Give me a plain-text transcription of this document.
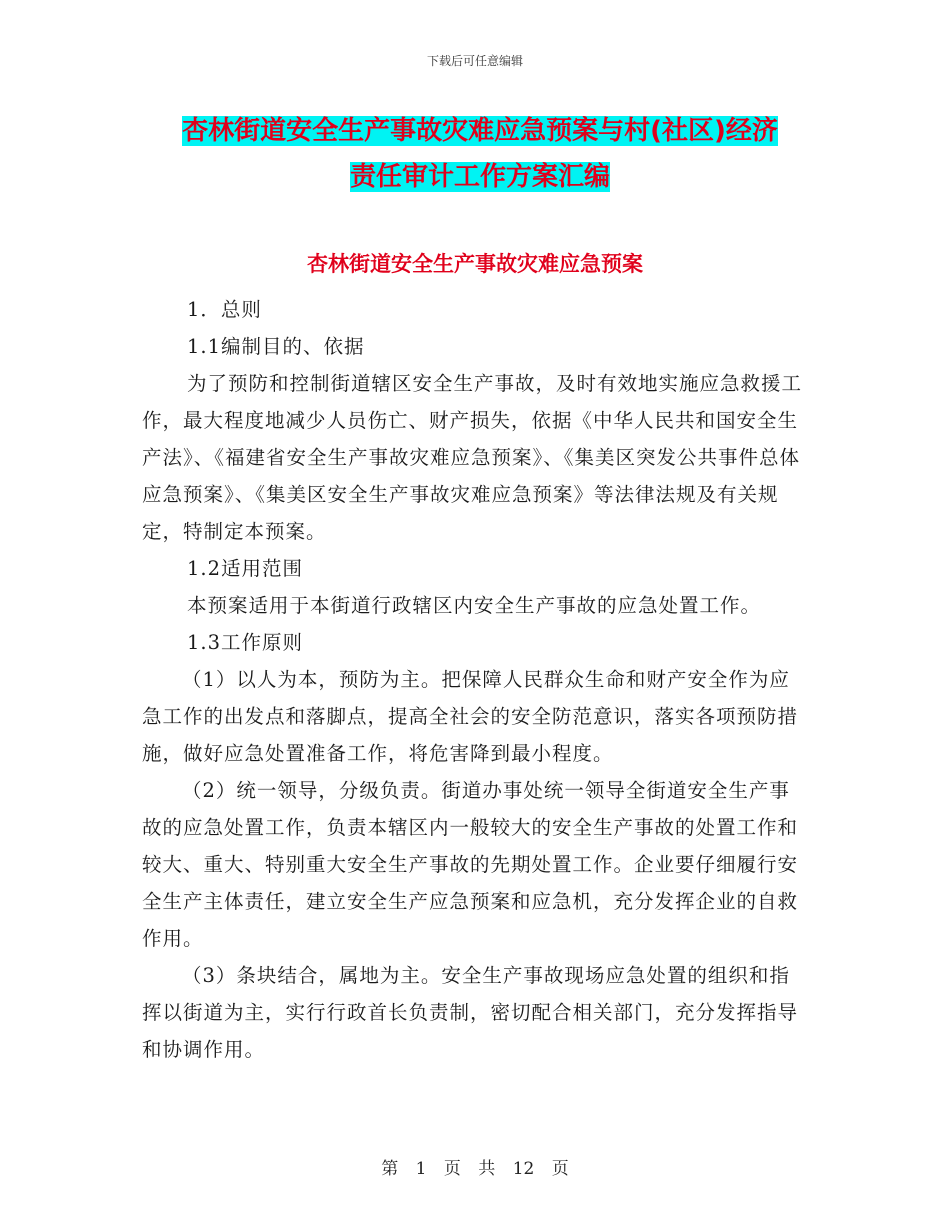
下载后可任意编辑
杏林街道安全生产事故灾难应急预案与村(社区)经济
责任审计工作方案汇编
杏林街道安全生产事故灾难应急预案

1．总则

1.1编制目的、依据

为了预防和控制街道辖区安全生产事故，及时有效地实施应急救援工作，最大程度地减少人员伤亡、财产损失，依据《中华人民共和国安全生产法》、《福建省安全生产事故灾难应急预案》、《集美区突发公共事件总体应急预案》、《集美区安全生产事故灾难应急预案》等法律法规及有关规定，特制定本预案。

1.2适用范围

本预案适用于本街道行政辖区内安全生产事故的应急处置工作。

1.3工作原则

（1）以人为本，预防为主。把保障人民群众生命和财产安全作为应急工作的出发点和落脚点，提高全社会的安全防范意识，落实各项预防措施，做好应急处置准备工作，将危害降到最小程度。

（2）统一领导，分级负责。街道办事处统一领导全街道安全生产事故的应急处置工作，负责本辖区内一般较大的安全生产事故的处置工作和较大、重大、特别重大安全生产事故的先期处置工作。企业要仔细履行安全生产主体责任，建立安全生产应急预案和应急机，充分发挥企业的自救作用。

（3）条块结合，属地为主。安全生产事故现场应急处置的组织和指挥以街道为主，实行行政首长负责制，密切配合相关部门，充分发挥指导和协调作用。

第 1 页 共 12 页
